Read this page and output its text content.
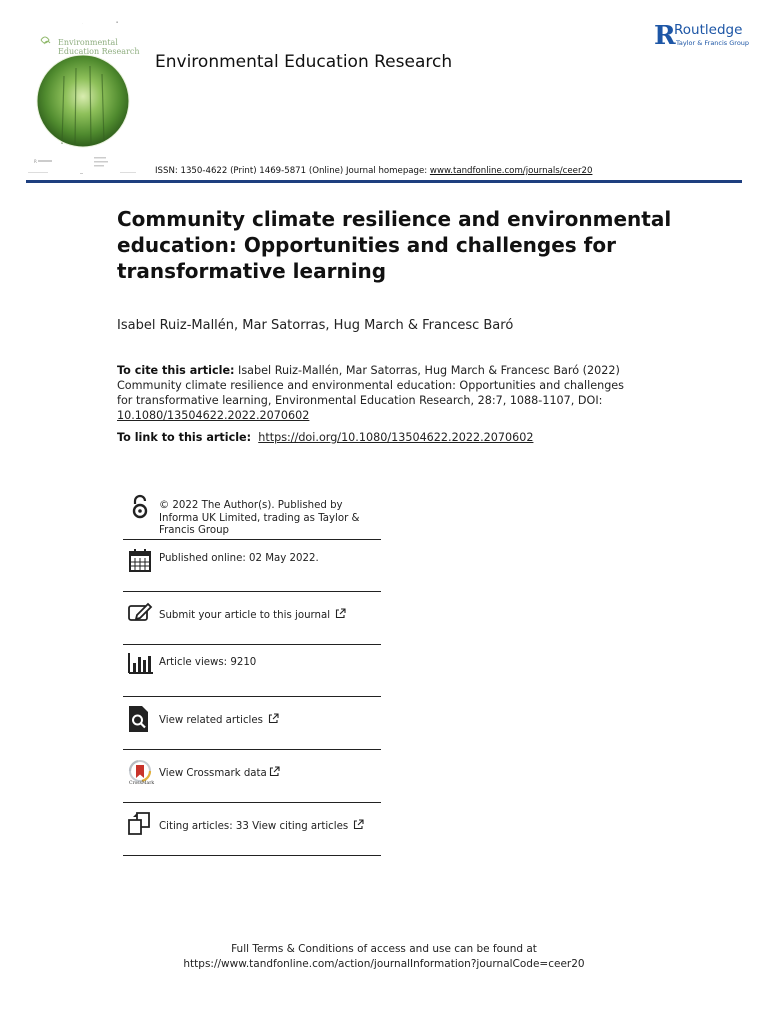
·	▪
R
Environmental
Education Research
Environmental Education Research
ISSN: 1350-4622 (Print) 1469-5871 (Online) Journal homepage: www.tandfonline.com/journals/ceer20
R
Routledge
Taylor & Francis Group
Community climate resilience and environmental education: Opportunities and challenges for transformative learning
Isabel Ruiz-Mallén, Mar Satorras, Hug March & Francesc Baró
To cite this article: Isabel Ruiz-Mallén, Mar Satorras, Hug March & Francesc Baró (2022) Community climate resilience and environmental education: Opportunities and challenges for transformative learning, Environmental Education Research, 28:7, 1088-1107, DOI: 10.1080/13504622.2022.2070602
To link to this article: https://doi.org/10.1080/13504622.2022.2070602
© 2022 The Author(s). Published by Informa UK Limited, trading as Taylor & Francis Group
Published online: 02 May 2022.
Submit your article to this journal
Article views: 9210
View related articles
CrossMark
View Crossmark data
Citing articles: 33 View citing articles
Full Terms & Conditions of access and use can be found at
https://www.tandfonline.com/action/journalInformation?journalCode=ceer20
